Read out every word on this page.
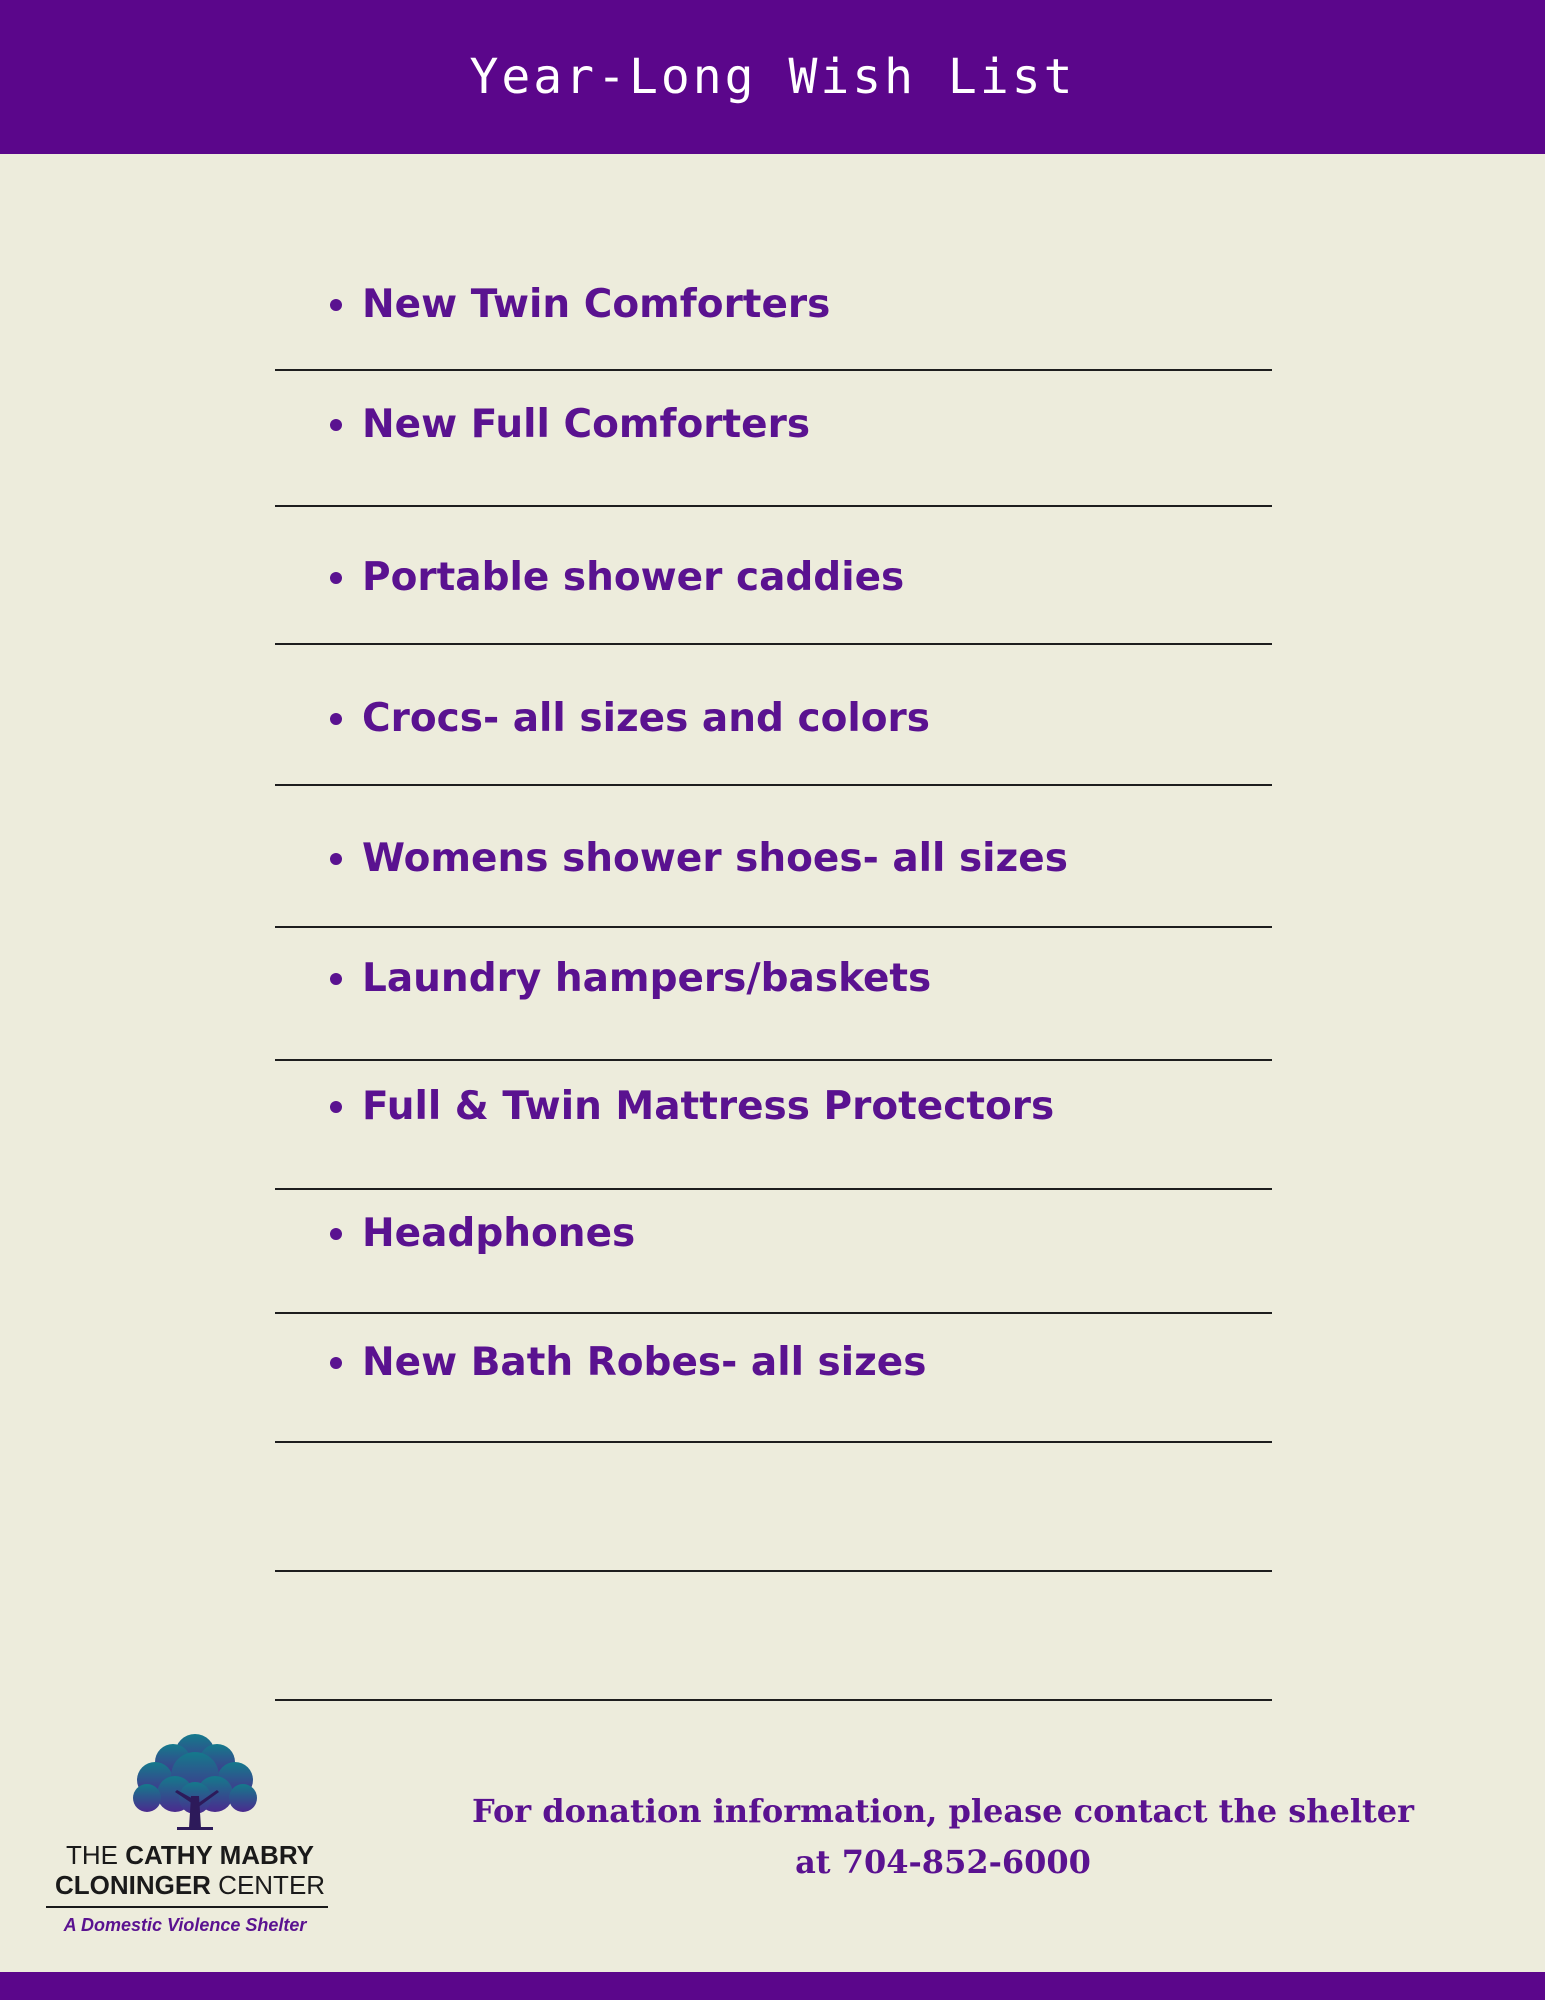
Year-Long Wish List
New Twin Comforters
New Full Comforters
Portable shower caddies
Crocs- all sizes and colors
Womens shower shoes- all sizes
Laundry hampers/baskets
Full & Twin Mattress Protectors
Headphones
New Bath Robes- all sizes
THE CATHY MABRY
CLONINGER CENTER
A Domestic Violence Shelter
For donation information, please contact the shelter
at 704-852-6000
